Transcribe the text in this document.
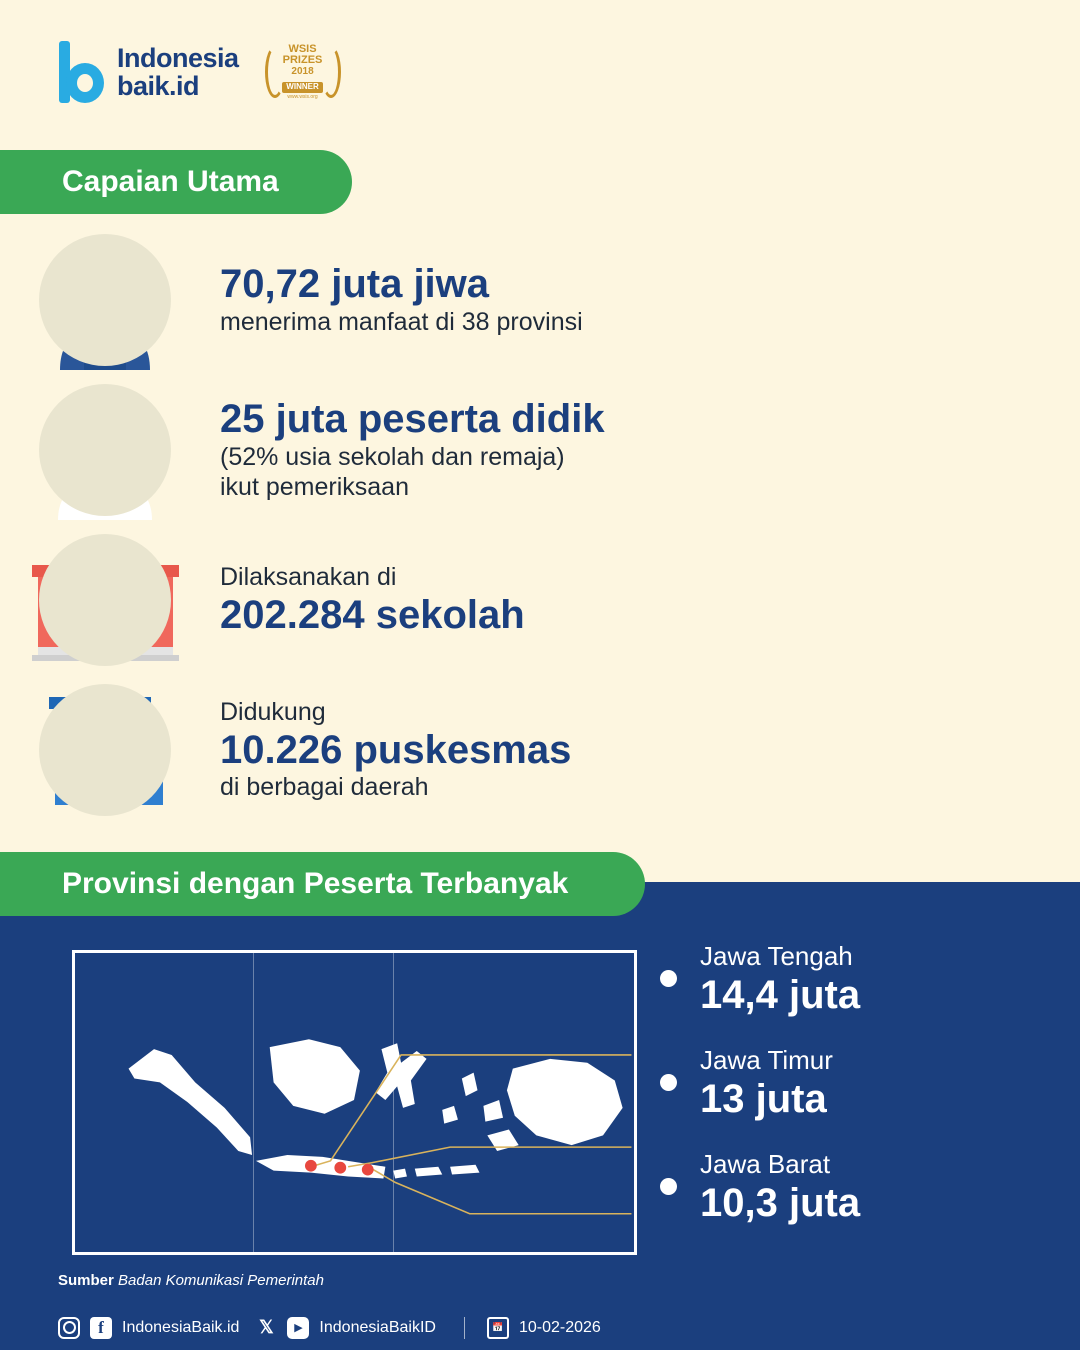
Indonesia
baik.id
WSIS
PRIZES
2018
WINNER
www.wsis.org
Capaian Utama
70,72 juta jiwa
menerima manfaat di 38 provinsi
25 juta peserta didik
(52% usia sekolah dan remaja)
ikut pemeriksaan
Dilaksanakan di
202.284 sekolah
Didukung
10.226 puskesmas
di berbagai daerah
Jawa Tengah
14,4 juta
Jawa Timur
13 juta
Jawa Barat
10,3 juta
Provinsi dengan Peserta Terbanyak
Sumber Badan Komunikasi Pemerintah
f	IndonesiaBaik.id 𝕏	▶	IndonesiaBaikID	📅 10-02-2026
